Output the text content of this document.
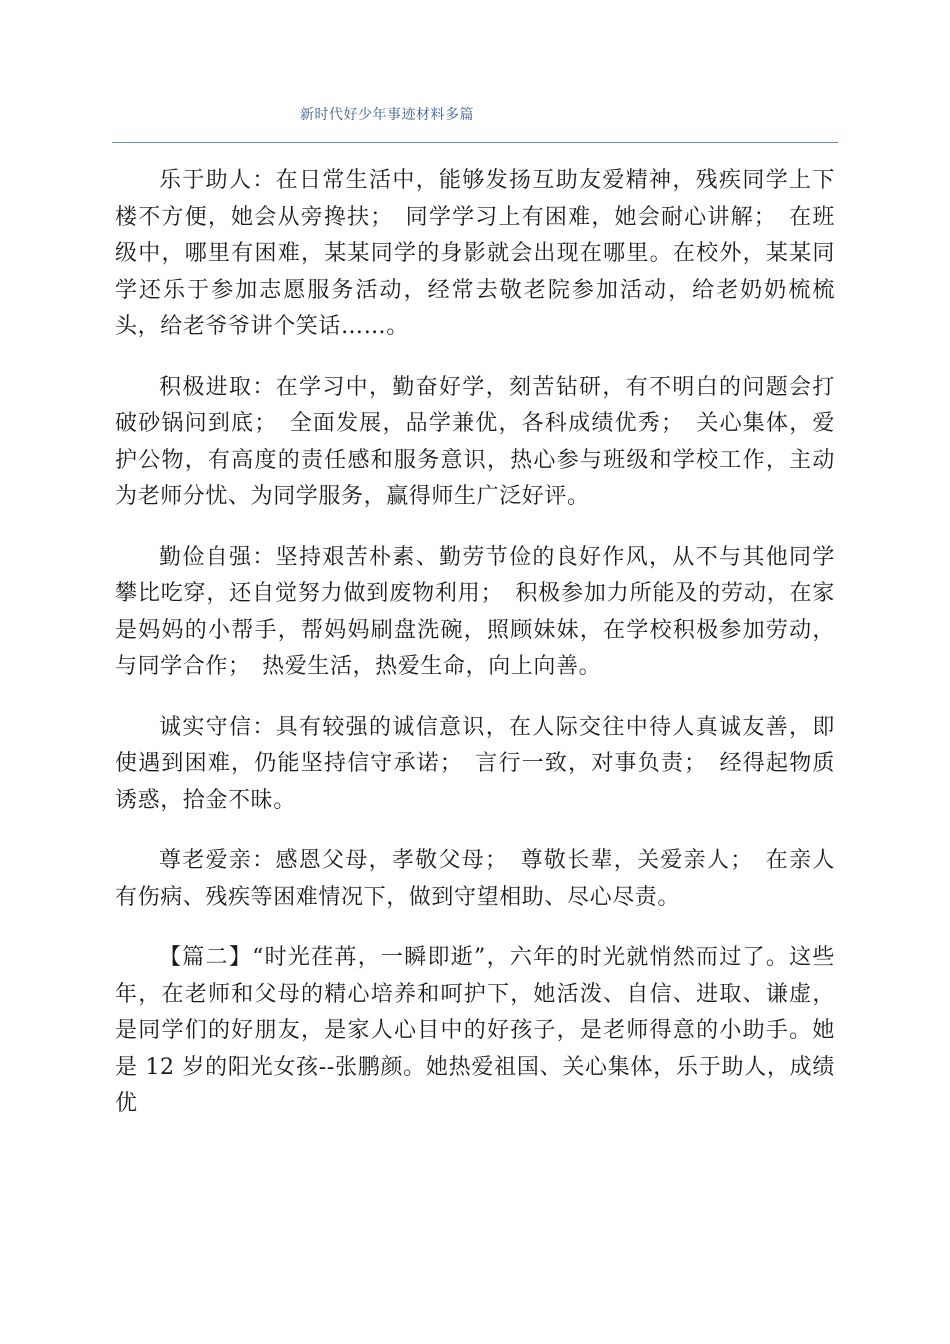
新时代好少年事迹材料多篇

乐于助人：在日常生活中，能够发扬互助友爱精神，残疾同学上下楼不方便，她会从旁搀扶；　同学学习上有困难，她会耐心讲解；　在班级中，哪里有困难，某某同学的身影就会出现在哪里。在校外，某某同学还乐于参加志愿服务活动，经常去敬老院参加活动，给老奶奶梳梳头，给老爷爷讲个笑话……。

积极进取：在学习中，勤奋好学，刻苦钻研，有不明白的问题会打破砂锅问到底；　全面发展，品学兼优，各科成绩优秀；　关心集体，爱护公物，有高度的责任感和服务意识，热心参与班级和学校工作，主动为老师分忧、为同学服务，赢得师生广泛好评。

勤俭自强：坚持艰苦朴素、勤劳节俭的良好作风，从不与其他同学攀比吃穿，还自觉努力做到废物利用；　积极参加力所能及的劳动，在家是妈妈的小帮手，帮妈妈刷盘洗碗，照顾妹妹，在学校积极参加劳动，与同学合作；　热爱生活，热爱生命，向上向善。

诚实守信：具有较强的诚信意识，在人际交往中待人真诚友善，即使遇到困难，仍能坚持信守承诺；　言行一致，对事负责；　经得起物质诱惑，拾金不昧。

尊老爱亲：感恩父母，孝敬父母；　尊敬长辈，关爱亲人；　在亲人有伤病、残疾等困难情况下，做到守望相助、尽心尽责。

【篇二】“时光荏苒，一瞬即逝”，六年的时光就悄然而过了。这些年，在老师和父母的精心培养和呵护下，她活泼、自信、进取、谦虚，是同学们的好朋友，是家人心目中的好孩子，是老师得意的小助手。她是 12 岁的阳光女孩--张鹏颜。她热爱祖国、关心集体，乐于助人，成绩优
